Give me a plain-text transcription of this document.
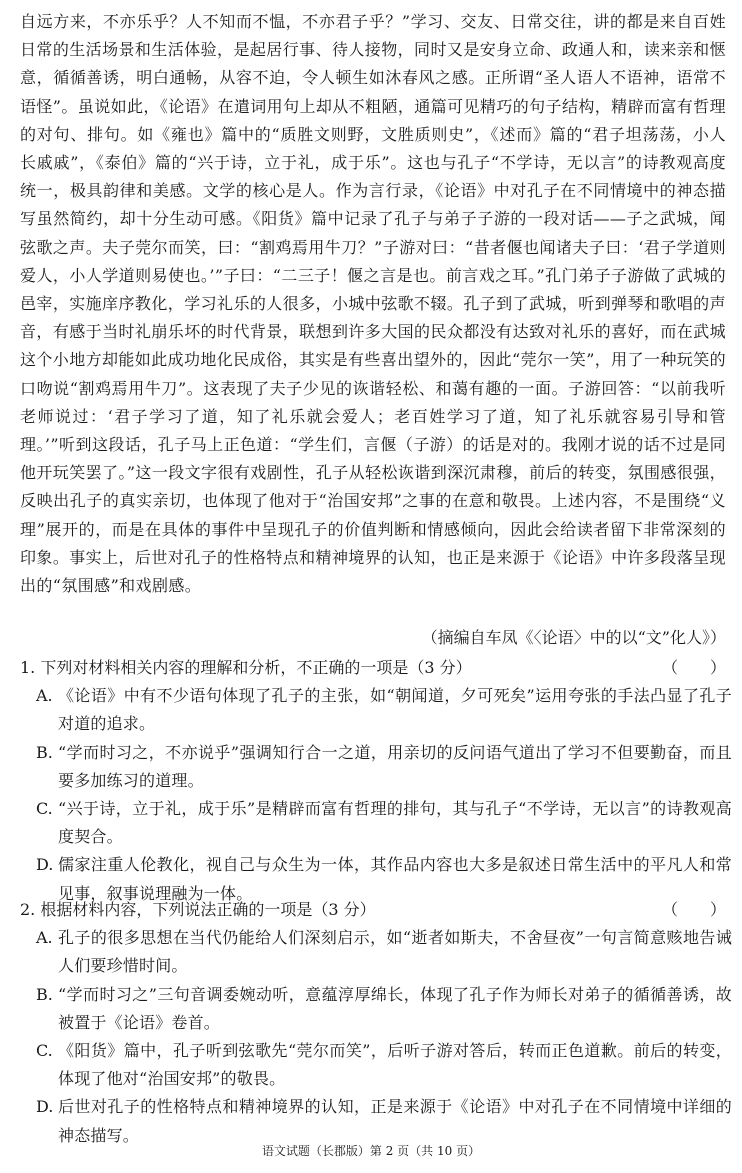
自远方来，不亦乐乎？人不知而不愠，不亦君子乎？”学习、交友、日常交往，讲的都是来自百姓日常的生活场景和生活体验，是起居行事、待人接物，同时又是安身立命、政通人和，读来亲和惬意，循循善诱，明白通畅，从容不迫，令人顿生如沐春风之感。正所谓“圣人语人不语神，语常不语怪”。虽说如此，《论语》在遣词用句上却从不粗陋，通篇可见精巧的句子结构，精辟而富有哲理的对句、排句。如《雍也》篇中的“质胜文则野，文胜质则史”，《述而》篇的“君子坦荡荡，小人长戚戚”，《泰伯》篇的“兴于诗，立于礼，成于乐”。这也与孔子“不学诗，无以言”的诗教观高度统一，极具韵律和美感。文学的核心是人。作为言行录，《论语》中对孔子在不同情境中的神态描写虽然简约，却十分生动可感。《阳货》篇中记录了孔子与弟子子游的一段对话——子之武城，闻弦歌之声。夫子莞尔而笑，曰：“割鸡焉用牛刀？”子游对曰：“昔者偃也闻诸夫子曰：‘君子学道则爱人，小人学道则易使也。’”子曰：“二三子！偃之言是也。前言戏之耳。”孔门弟子子游做了武城的邑宰，实施庠序教化，学习礼乐的人很多，小城中弦歌不辍。孔子到了武城，听到弹琴和歌唱的声音，有感于当时礼崩乐坏的时代背景，联想到许多大国的民众都没有达致对礼乐的喜好，而在武城这个小地方却能如此成功地化民成俗，其实是有些喜出望外的，因此“莞尔一笑”，用了一种玩笑的口吻说“割鸡焉用牛刀”。这表现了夫子少见的诙谐轻松、和蔼有趣的一面。子游回答：“以前我听老师说过：‘君子学习了道，知了礼乐就会爱人；老百姓学习了道，知了礼乐就容易引导和管理。’”听到这段话，孔子马上正色道：“学生们，言偃（子游）的话是对的。我刚才说的话不过是同他开玩笑罢了。”这一段文字很有戏剧性，孔子从轻松诙谐到深沉肃穆，前后的转变，氛围感很强，反映出孔子的真实亲切，也体现了他对于“治国安邦”之事的在意和敬畏。上述内容，不是围绕“义理”展开的，而是在具体的事件中呈现孔子的价值判断和情感倾向，因此会给读者留下非常深刻的印象。事实上，后世对孔子的性格特点和精神境界的认知，也正是来源于《论语》中许多段落呈现出的“氛围感”和戏剧感。
（摘编自车凤《〈论语〉中的以“文”化人》）
1. 下列对材料相关内容的理解和分析，不正确的一项是（3 分）	（　　）
A. 《论语》中有不少语句体现了孔子的主张，如“朝闻道，夕可死矣”运用夸张的手法凸显了孔子对道的追求。
B. “学而时习之，不亦说乎”强调知行合一之道，用亲切的反问语气道出了学习不但要勤奋，而且要多加练习的道理。
C. “兴于诗，立于礼，成于乐”是精辟而富有哲理的排句，其与孔子“不学诗，无以言”的诗教观高度契合。
D. 儒家注重人伦教化，视自己与众生为一体，其作品内容也大多是叙述日常生活中的平凡人和常见事，叙事说理融为一体。
2. 根据材料内容，下列说法正确的一项是（3 分）	（　　）
A. 孔子的很多思想在当代仍能给人们深刻启示，如“逝者如斯夫，不舍昼夜”一句言简意赅地告诫人们要珍惜时间。
B. “学而时习之”三句音调委婉动听，意蕴淳厚绵长，体现了孔子作为师长对弟子的循循善诱，故被置于《论语》卷首。
C. 《阳货》篇中，孔子听到弦歌先“莞尔而笑”，后听子游对答后，转而正色道歉。前后的转变，体现了他对“治国安邦”的敬畏。
D. 后世对孔子的性格特点和精神境界的认知，正是来源于《论语》中对孔子在不同情境中详细的神态描写。
语文试题（长郡版）第 2 页（共 10 页）
